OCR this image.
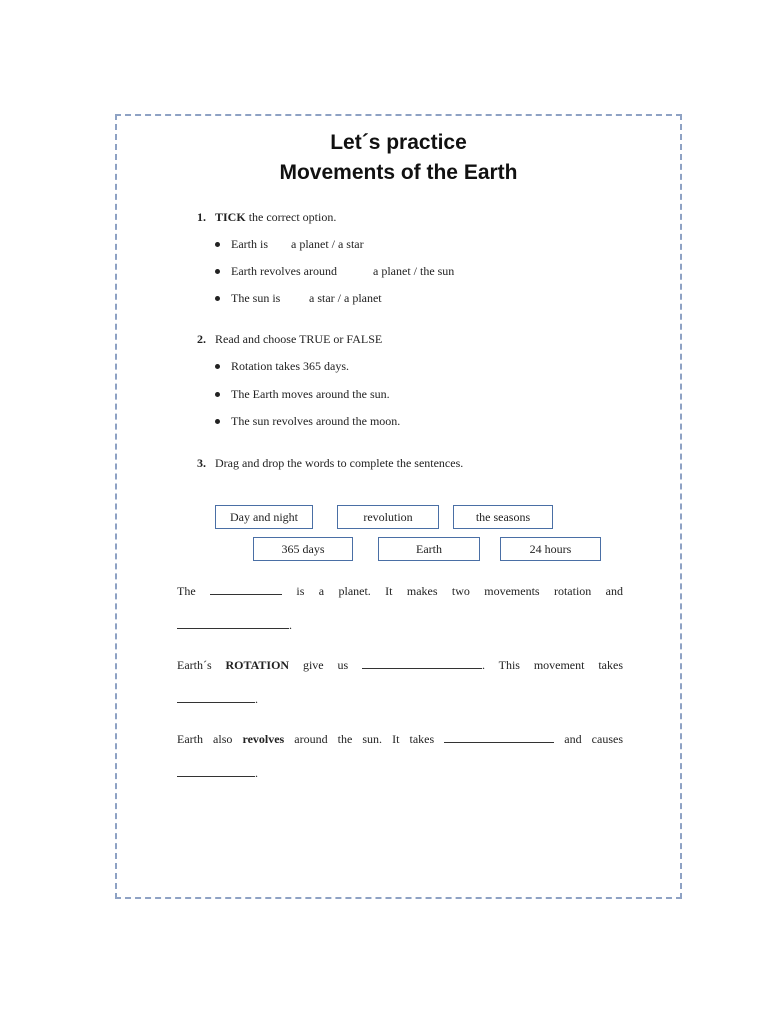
Let´s practice
Movements of the Earth
1. TICK the correct option.
Earth is a planet / a star
Earth revolves around	a planet / the sun
The sun is a star / a planet
2. Read and choose TRUE or FALSE
Rotation takes 365 days.
The Earth moves around the sun.
The sun revolves around the moon.
3. Drag and drop the words to complete the sentences.
Day and night	revolution	the seasons
365 days	Earth	24 hours
The	is a planet. It makes two movements rotation and
.
Earth´s ROTATION give us	. This movement takes
.
Earth also revolves around the sun. It takes	and causes
.
